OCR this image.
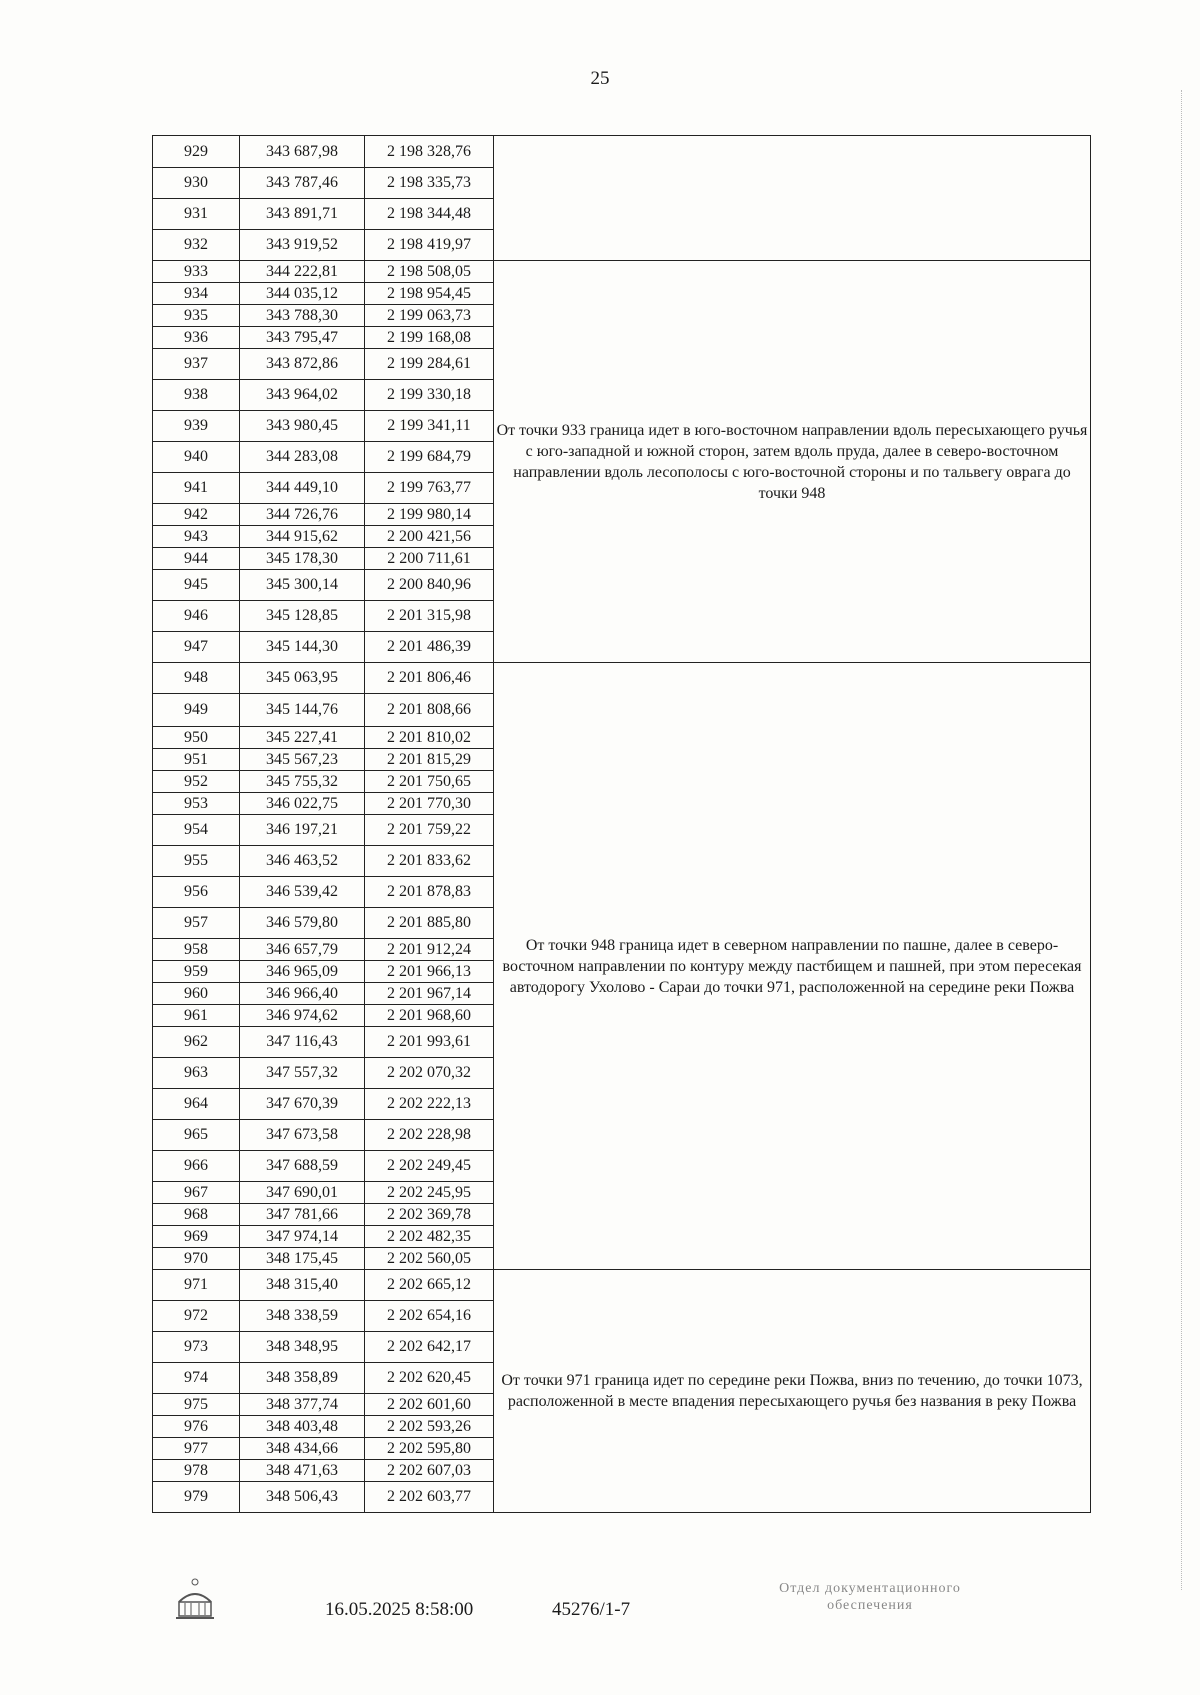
25
929	343 687,98	2 198 328,76	
930	343 787,46	2 198 335,73	
931	343 891,71	2 198 344,48	
932	343 919,52	2 198 419,97	
933	344 222,81	2 198 508,05	От точки 933 граница идет в юго-восточном направлении вдоль пересыхающего ручья с юго-западной и южной сторон, затем вдоль пруда, далее в северо-восточном направлении вдоль лесополосы с юго-восточной стороны и по тальвегу оврага до точки 948
934	344 035,12	2 198 954,45	
935	343 788,30	2 199 063,73	
936	343 795,47	2 199 168,08	
937	343 872,86	2 199 284,61	
938	343 964,02	2 199 330,18	
939	343 980,45	2 199 341,11	
940	344 283,08	2 199 684,79	
941	344 449,10	2 199 763,77	
942	344 726,76	2 199 980,14	
943	344 915,62	2 200 421,56	
944	345 178,30	2 200 711,61	
945	345 300,14	2 200 840,96	
946	345 128,85	2 201 315,98	
947	345 144,30	2 201 486,39	
948	345 063,95	2 201 806,46	От точки 948 граница идет в северном направлении по пашне, далее в северо-восточном направлении по контуру между пастбищем и пашней, при этом пересекая автодорогу Ухолово - Сараи до точки 971, расположенной на середине реки Пожва
949	345 144,76	2 201 808,66	
950	345 227,41	2 201 810,02	
951	345 567,23	2 201 815,29	
952	345 755,32	2 201 750,65	
953	346 022,75	2 201 770,30	
954	346 197,21	2 201 759,22	
955	346 463,52	2 201 833,62	
956	346 539,42	2 201 878,83	
957	346 579,80	2 201 885,80	
958	346 657,79	2 201 912,24	
959	346 965,09	2 201 966,13	
960	346 966,40	2 201 967,14	
961	346 974,62	2 201 968,60	
962	347 116,43	2 201 993,61	
963	347 557,32	2 202 070,32	
964	347 670,39	2 202 222,13	
965	347 673,58	2 202 228,98	
966	347 688,59	2 202 249,45	
967	347 690,01	2 202 245,95	
968	347 781,66	2 202 369,78	
969	347 974,14	2 202 482,35	
970	348 175,45	2 202 560,05	
971	348 315,40	2 202 665,12	От точки 971 граница идет по середине реки Пожва, вниз по течению, до точки 1073, расположенной в месте впадения пересыхающего ручья без названия в реку Пожва
972	348 338,59	2 202 654,16	
973	348 348,95	2 202 642,17	
974	348 358,89	2 202 620,45	
975	348 377,74	2 202 601,60	
976	348 403,48	2 202 593,26	
977	348 434,66	2 202 595,80	
978	348 471,63	2 202 607,03	
979	348 506,43	2 202 603,77	
16.05.2025 8:58:00	45276/1-7
Отдел документационного
обеспечения
